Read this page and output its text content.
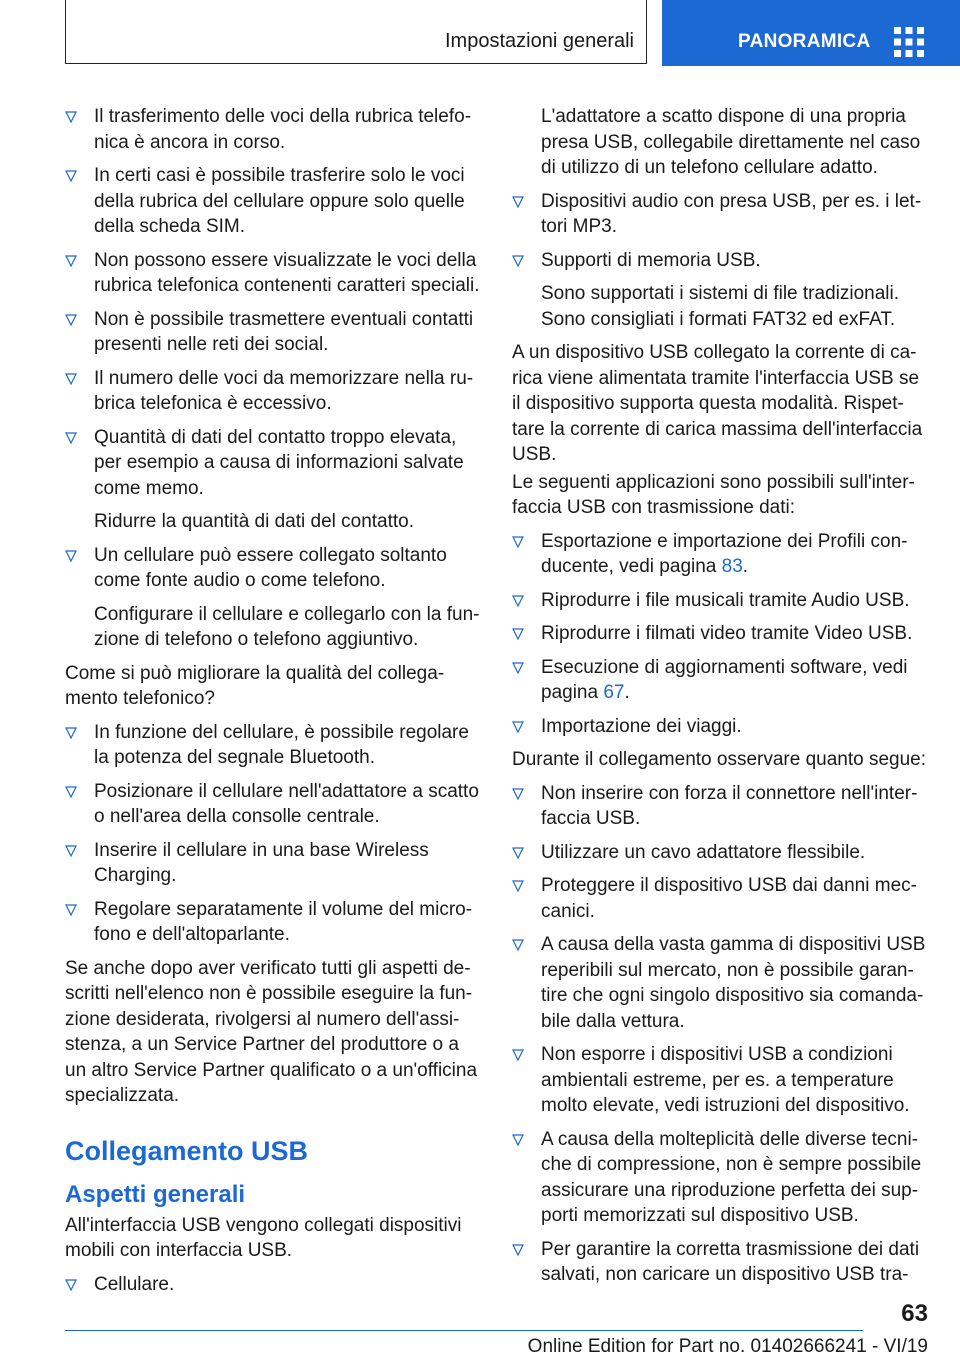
Impostazioni generali	PANORAMICA
Il trasferimento delle voci della rubrica telefonica è ancora in corso.
In certi casi è possibile trasferire solo le voci della rubrica del cellulare oppure solo quelle della scheda SIM.
Non possono essere visualizzate le voci della rubrica telefonica contenenti caratteri speciali.
Non è possibile trasmettere eventuali contatti presenti nelle reti dei social.
Il numero delle voci da memorizzare nella rubrica telefonica è eccessivo.
Quantità di dati del contatto troppo elevata, per esempio a causa di informazioni salvate come memo.
Ridurre la quantità di dati del contatto.
Un cellulare può essere collegato soltanto come fonte audio o come telefono.
Configurare il cellulare e collegarlo con la funzione di telefono o telefono aggiuntivo.
Come si può migliorare la qualità del collegamento telefonico?
In funzione del cellulare, è possibile regolare la potenza del segnale Bluetooth.
Posizionare il cellulare nell'adattatore a scatto o nell'area della consolle centrale.
Inserire il cellulare in una base Wireless Charging.
Regolare separatamente il volume del microfono e dell'altoparlante.
Se anche dopo aver verificato tutti gli aspetti descritti nell'elenco non è possibile eseguire la funzione desiderata, rivolgersi al numero dell'assistenza, a un Service Partner del produttore o a un altro Service Partner qualificato o a un'officina specializzata.
Collegamento USB
Aspetti generali
All'interfaccia USB vengono collegati dispositivi mobili con interfaccia USB.
Cellulare.
L'adattatore a scatto dispone di una propria presa USB, collegabile direttamente nel caso di utilizzo di un telefono cellulare adatto.
Dispositivi audio con presa USB, per es. i lettori MP3.
Supporti di memoria USB.
Sono supportati i sistemi di file tradizionali. Sono consigliati i formati FAT32 ed exFAT.
A un dispositivo USB collegato la corrente di carica viene alimentata tramite l'interfaccia USB se il dispositivo supporta questa modalità. Rispettare la corrente di carica massima dell'interfaccia USB.
Le seguenti applicazioni sono possibili sull'interfaccia USB con trasmissione dati:
Esportazione e importazione dei Profili conducente, vedi pagina 83.
Riprodurre i file musicali tramite Audio USB.
Riprodurre i filmati video tramite Video USB.
Esecuzione di aggiornamenti software, vedi pagina 67.
Importazione dei viaggi.
Durante il collegamento osservare quanto segue:
Non inserire con forza il connettore nell'interfaccia USB.
Utilizzare un cavo adattatore flessibile.
Proteggere il dispositivo USB dai danni meccanici.
A causa della vasta gamma di dispositivi USB reperibili sul mercato, non è possibile garantire che ogni singolo dispositivo sia comandabile dalla vettura.
Non esporre i dispositivi USB a condizioni ambientali estreme, per es. a temperature molto elevate, vedi istruzioni del dispositivo.
A causa della molteplicità delle diverse tecniche di compressione, non è sempre possibile assicurare una riproduzione perfetta dei supporti memorizzati sul dispositivo USB.
Per garantire la corretta trasmissione dei dati salvati, non caricare un dispositivo USB tra-
63
Online Edition for Part no. 01402666241 - VI/19
